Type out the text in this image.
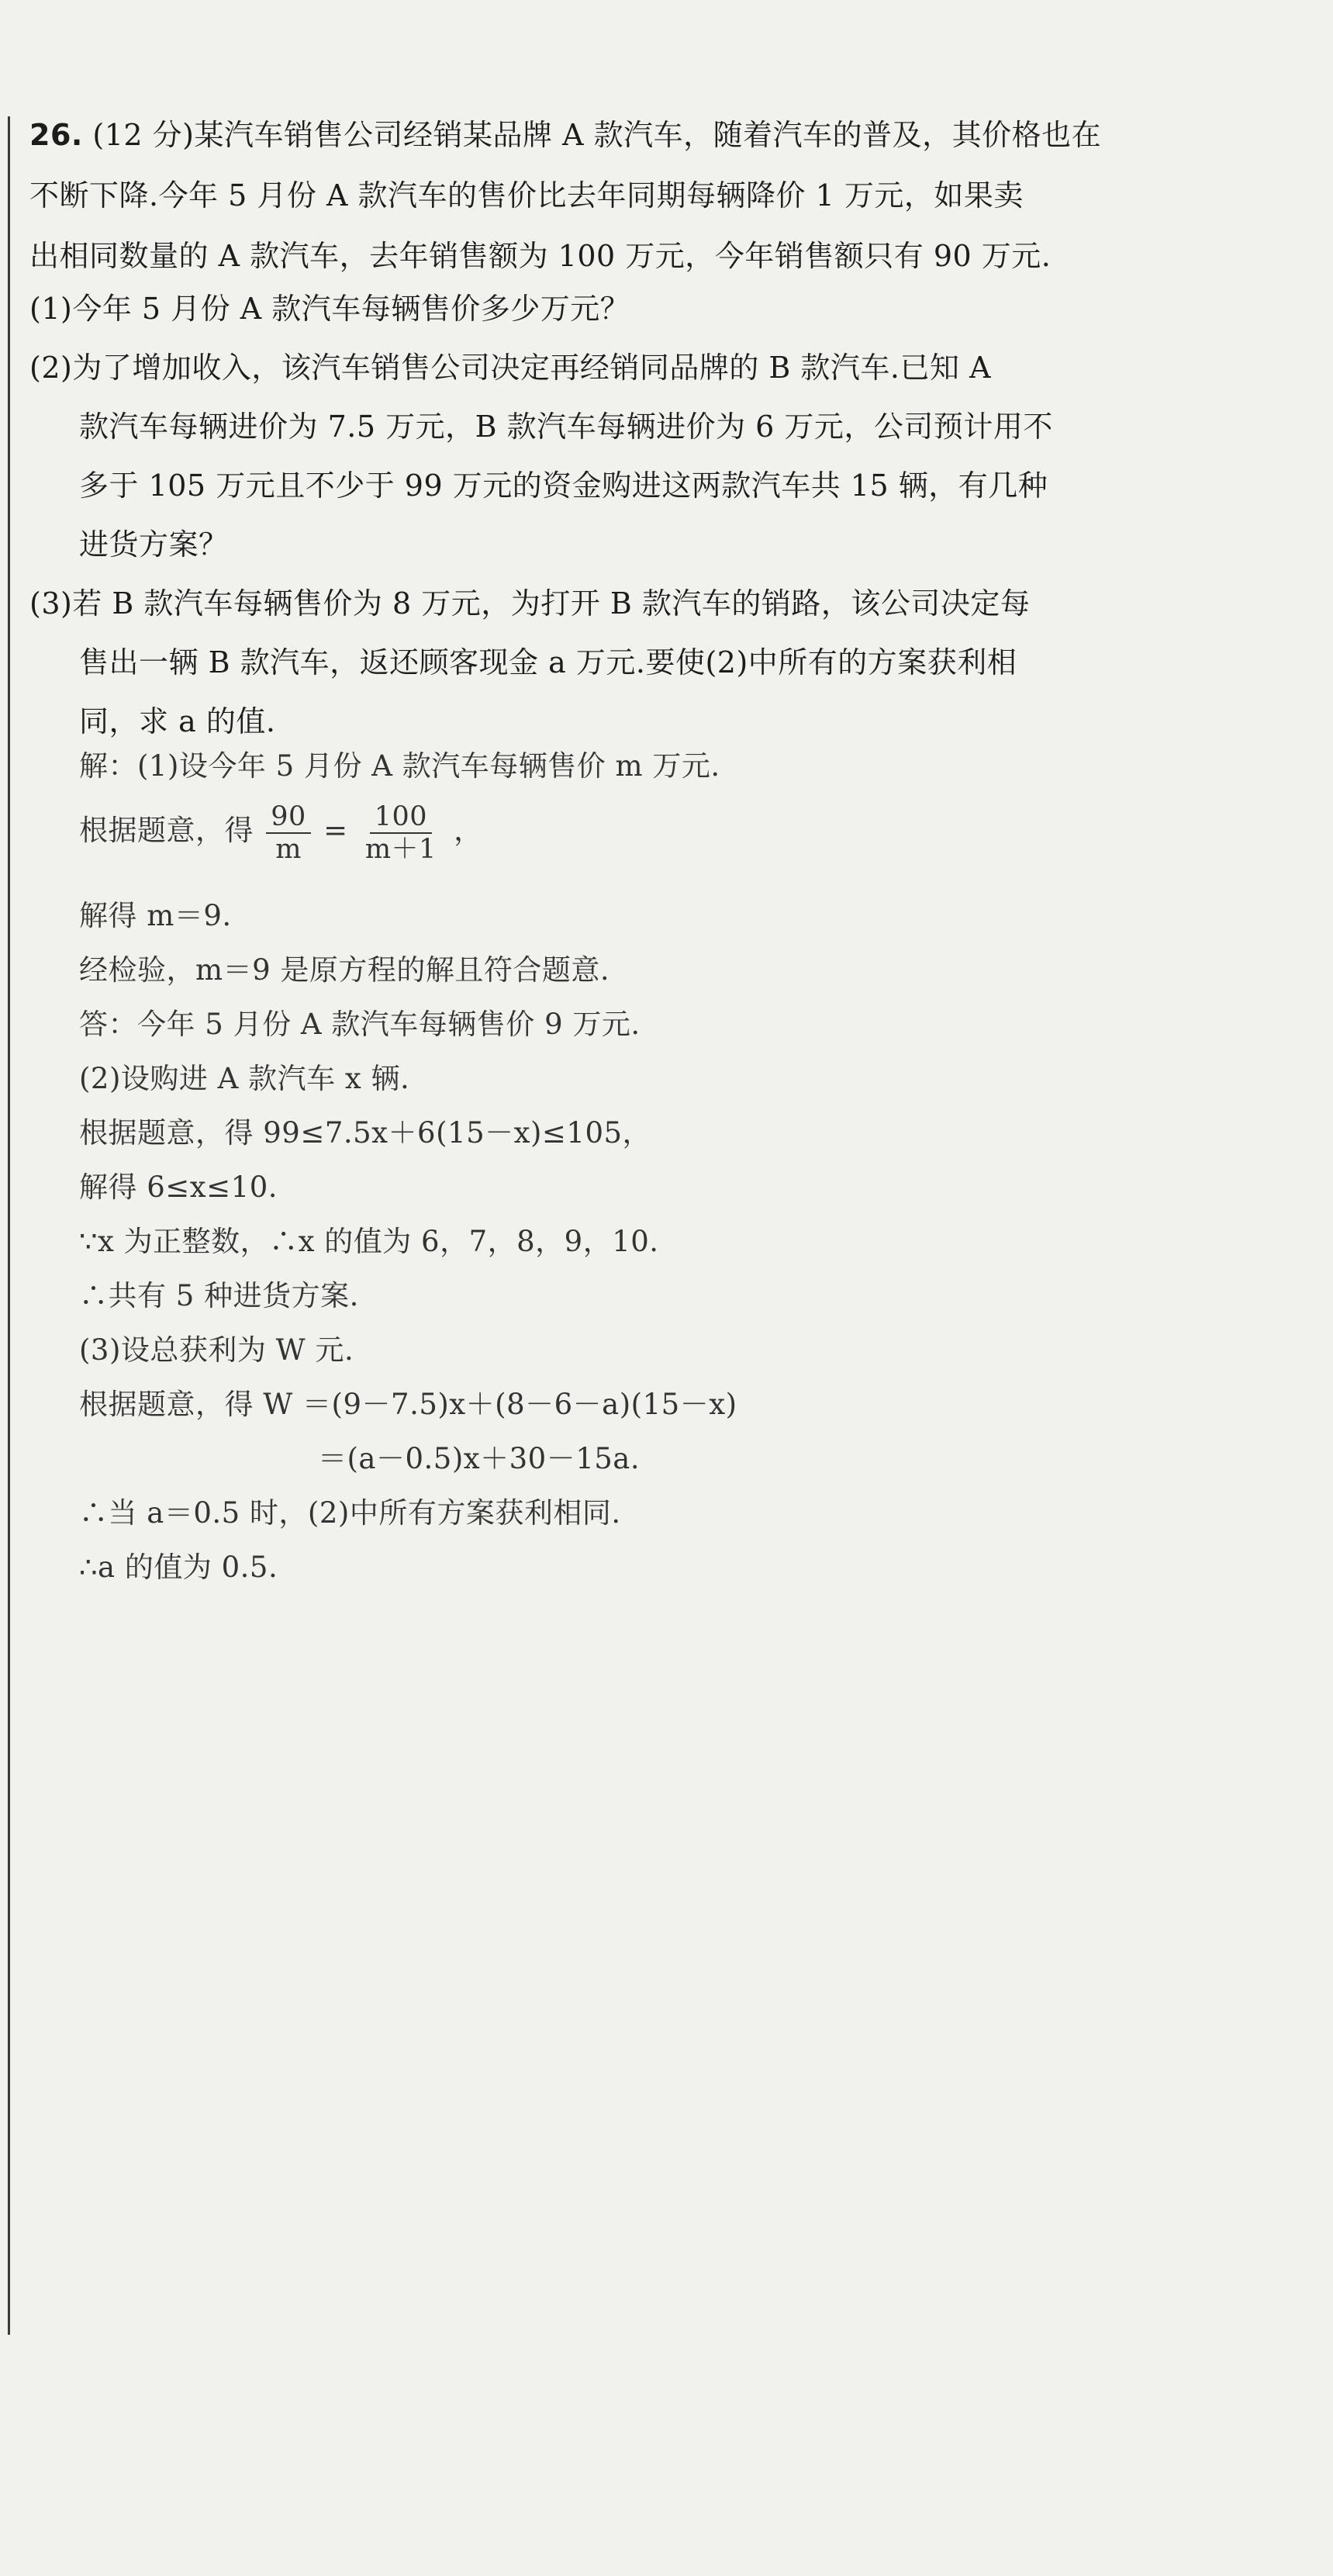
26. (12 分)某汽车销售公司经销某品牌 A 款汽车，随着汽车的普及，其价格也在
不断下降.今年 5 月份 A 款汽车的售价比去年同期每辆降价 1 万元，如果卖
出相同数量的 A 款汽车，去年销售额为 100 万元，今年销售额只有 90 万元.
(1)今年 5 月份 A 款汽车每辆售价多少万元？
(2)为了增加收入，该汽车销售公司决定再经销同品牌的 B 款汽车.已知 A
款汽车每辆进价为 7.5 万元，B 款汽车每辆进价为 6 万元，公司预计用不
多于 105 万元且不少于 99 万元的资金购进这两款汽车共 15 辆，有几种
进货方案？
(3)若 B 款汽车每辆售价为 8 万元，为打开 B 款汽车的销路，该公司决定每
售出一辆 B 款汽车，返还顾客现金 a 万元.要使(2)中所有的方案获利相
同，求 a 的值.
解：(1)设今年 5 月份 A 款汽车每辆售价 m 万元.
根据题意，得 $\frac{90}{m} = \frac{100}{m+1}$ ，
解得 m＝9.
经检验，m＝9 是原方程的解且符合题意.
答：今年 5 月份 A 款汽车每辆售价 9 万元.
(2)设购进 A 款汽车 x 辆.
根据题意，得 99≤7.5x＋6(15－x)≤105，
解得 6≤x≤10.
∵x 为正整数，∴x 的值为 6，7，8，9，10.
∴共有 5 种进货方案.
(3)设总获利为 W 元.
根据题意，得 W ＝(9－7.5)x＋(8－6－a)(15－x)
＝(a－0.5)x＋30－15a.
∴当 a＝0.5 时，(2)中所有方案获利相同.
∴a 的值为 0.5.
